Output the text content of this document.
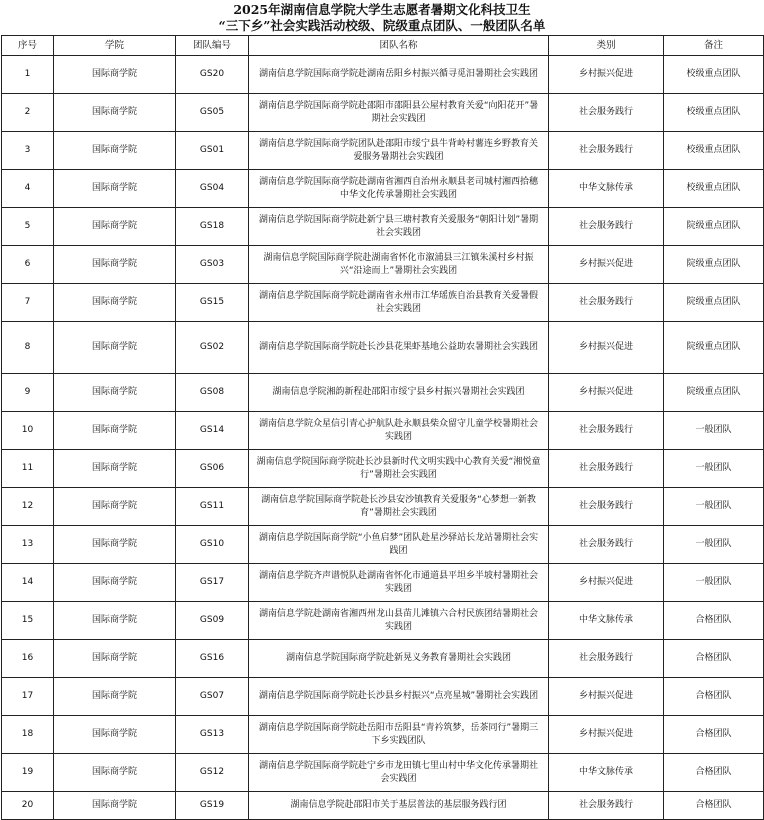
2025年湖南信息学院大学生志愿者暑期文化科技卫生
“三下乡”社会实践活动校级、院级重点团队、一般团队名单
序号	学院	团队编号	团队名称	类别	备注
1	国际商学院	GS20	湖南信息学院国际商学院赴湖南岳阳乡村振兴循寻觅汨暑期社会实践团	乡村振兴促进	校级重点团队
2	国际商学院	GS05	湖南信息学院国际商学院赴邵阳市邵阳县公屋村教育关爱“向阳花开”暑期社会实践团	社会服务践行	校级重点团队
3	国际商学院	GS01	湖南信息学院国际商学院团队赴邵阳市绥宁县牛背岭村薯连乡野教育关爱服务暑期社会实践团	社会服务践行	校级重点团队
4	国际商学院	GS04	湖南信息学院国际商学院赴湖南省湘西自治州永顺县老司城村湘西拾穗中华文化传承暑期社会实践团	中华文脉传承	校级重点团队
5	国际商学院	GS18	湖南信息学院国际商学院赴新宁县三塘村教育关爱服务“朝阳计划”暑期社会实践团	社会服务践行	院级重点团队
6	国际商学院	GS03	湖南信息学院国际商学院赴湖南省怀化市溆浦县三江镇朱溪村乡村振兴“沿途而上”暑期社会实践团	乡村振兴促进	院级重点团队
7	国际商学院	GS15	湖南信息学院国际商学院赴湖南省永州市江华瑶族自治县教育关爱暑假社会实践团	社会服务践行	院级重点团队
8	国际商学院	GS02	湖南信息学院国际商学院赴长沙县花果虾基地公益助农暑期社会实践团	乡村振兴促进	院级重点团队
9	国际商学院	GS08	湖南信息学院湘韵新程赴邵阳市绥宁县乡村振兴暑期社会实践团	乡村振兴促进	院级重点团队
10	国际商学院	GS14	湖南信息学院众星信引青心护航队赴永顺县柴众留守儿童学校暑期社会实践团	社会服务践行	一般团队
11	国际商学院	GS06	湖南信息学院国际商学院赴长沙县新时代文明实践中心教育关爱“湘悦童行”暑期社会实践团	社会服务践行	一般团队
12	国际商学院	GS11	湖南信息学院国际商学院赴长沙县安沙镇教育关爱服务“心梦想一新教育”暑期社会实践团	社会服务践行	一般团队
13	国际商学院	GS10	湖南信息学院国际商学院“小鱼启梦”团队赴星沙驿站长龙站暑期社会实践团	社会服务践行	一般团队
14	国际商学院	GS17	湖南信息学院齐声谱悦队赴湖南省怀化市通道县平坦乡半坡村暑期社会实践团	乡村振兴促进	一般团队
15	国际商学院	GS09	湖南信息学院赴湖南省湘西州龙山县苗儿滩镇六合村民族团结暑期社会实践团	中华文脉传承	合格团队
16	国际商学院	GS16	湖南信息学院国际商学院赴新晃义务教育暑期社会实践团	社会服务践行	合格团队
17	国际商学院	GS07	湖南信息学院国际商学院赴长沙县乡村振兴“点亮星城”暑期社会实践团	乡村振兴促进	合格团队
18	国际商学院	GS13	湖南信息学院国际商学院赴岳阳市岳阳县“青衿筑梦，岳茶同行”暑期三下乡实践团队	乡村振兴促进	合格团队
19	国际商学院	GS12	湖南信息学院国际商学院赴宁乡市龙田镇七里山村中华文化传承暑期社会实践团	中华文脉传承	合格团队
20	国际商学院	GS19	湖南信息学院赴邵阳市关于基层普法的基层服务践行团	社会服务践行	合格团队
